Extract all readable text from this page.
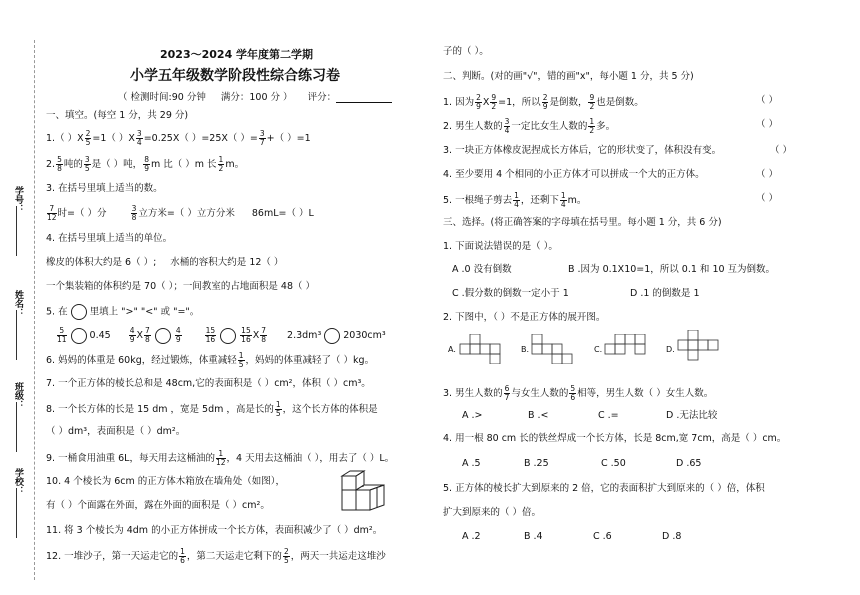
学号：
姓名：
班级：
学校：
2023～2024 学年度第二学期
小学五年级数学阶段性综合练习卷
（ 检测时间:90 分钟 满分：100 分 ） 评分：
一、填空。(每空 1 分，共 29 分)
1.（ ）$X \frac{2}{5} =1$（ ）$X \frac{3}{4} =0.25X$（ ）=25X（ ）= $\frac{3}{7}$ +（ ）=1
2. $\frac{5}{8}$ 吨的 $\frac{3}{5}$ 是（ ）吨， $\frac{8}{9}$ m 比（ ）m 长 $\frac{1}{2}$ m。
3. 在括号里填上适当的数。
$\frac{7}{12}$ 时=（ ）分	$\frac{3}{8}$ 立方米=（ ）立方分米 86mL=（ ）L
4. 在括号里填上适当的单位。
橡皮的体积大约是 6（ ）; 水桶的容积大约是 12（ ）
一个集装箱的体积约是 70（ ）；一间教室的占地面积是 48（ ）
5. 在 里填上 ">" "<" 或 "="。
$\frac{5}{11} 0.45 \frac{4}{9}$ X $\frac{7}{8}$	$\frac{4}{9}$
	$\frac{15}{16}$	$\frac{15}{16}$ X $\frac{7}{8} 2.3dm^3$ 2030cm³
6. 妈妈的体重是 60kg，经过锻炼，体重减轻 $\frac{1}{5}$ ，妈妈的体重减轻了（ ）kg。
7. 一个正方体的棱长总和是 48cm,它的表面积是（ ）cm²，体积（ ）cm³。
8. 一个长方体的长是 15 dm ，宽是 5dm ，高是长的 $\frac{1}{5}$ ，这个长方体的体积是
（ ）dm³，表面积是（ ）dm²。
9. 一桶食用油重 6L，每天用去这桶油的 $\frac{1}{12}$ ，4 天用去这桶油（ ），用去了（ ）L。
10. 4 个棱长为 6cm 的正方体木箱放在墙角处（如图），
有（ ）个面露在外面，露在外面的面积是（ ）cm²。
11. 将 3 个棱长为 4dm 的小正方体拼成一个长方体，表面积减少了（ ）dm²。
12. 一堆沙子，第一天运走它的 $\frac{1}{6}$ ，第二天运走它剩下的 $\frac{2}{5}$ ，两天一共运走这堆沙
子的（ ）。
二、判断。(对的画"√"，错的画"x"，每小题 1 分，共 5 分)
1. 因为 $\frac{2}{9}$ X $\frac{9}{2} =1$，所以 $\frac{2}{9}$ 是倒数， $\frac{9}{2}$ 也是倒数。	（ ）
2. 男生人数的 $\frac{3}{4}$ 一定比女生人数的 $\frac{1}{2}$ 多。	（ ）
3. 一块正方体橡皮泥捏成长方体后，它的形状变了，体积没有变。	（ ）
4. 至少要用 4 个相同的小正方体才可以拼成一个大的正方体。	（ ）
5. 一根绳子剪去 $\frac{1}{4}$ ，还剩下 $\frac{1}{4}$ m。	（ ）
三、选择。(将正确答案的字母填在括号里。每小题 1 分，共 6 分)
1. 下面说法错误的是（ ）。
A .0 没有倒数	B .因为 0.1X10=1，所以 0.1 和 10 互为倒数。
C .假分数的倒数一定小于 1	D .1 的倒数是 1
2. 下图中，（ ）不是正方体的展开图。
A.	B.	C.	D.
3. 男生人数的 $\frac{6}{7}$ 与女生人数的 $\frac{5}{6}$ 相等，男生人数（ ）女生人数。
A .>	B .<	C .=	D .无法比较
4. 用一根 80 cm 长的铁丝焊成一个长方体，长是 8cm,宽 7cm，高是（ ）cm。
A .5	B .25	C .50	D .65
5. 正方体的棱长扩大到原来的 2 倍，它的表面积扩大到原来的（ ）倍，体积
扩大到原来的（ ）倍。
A .2	B .4	C .6	D .8
